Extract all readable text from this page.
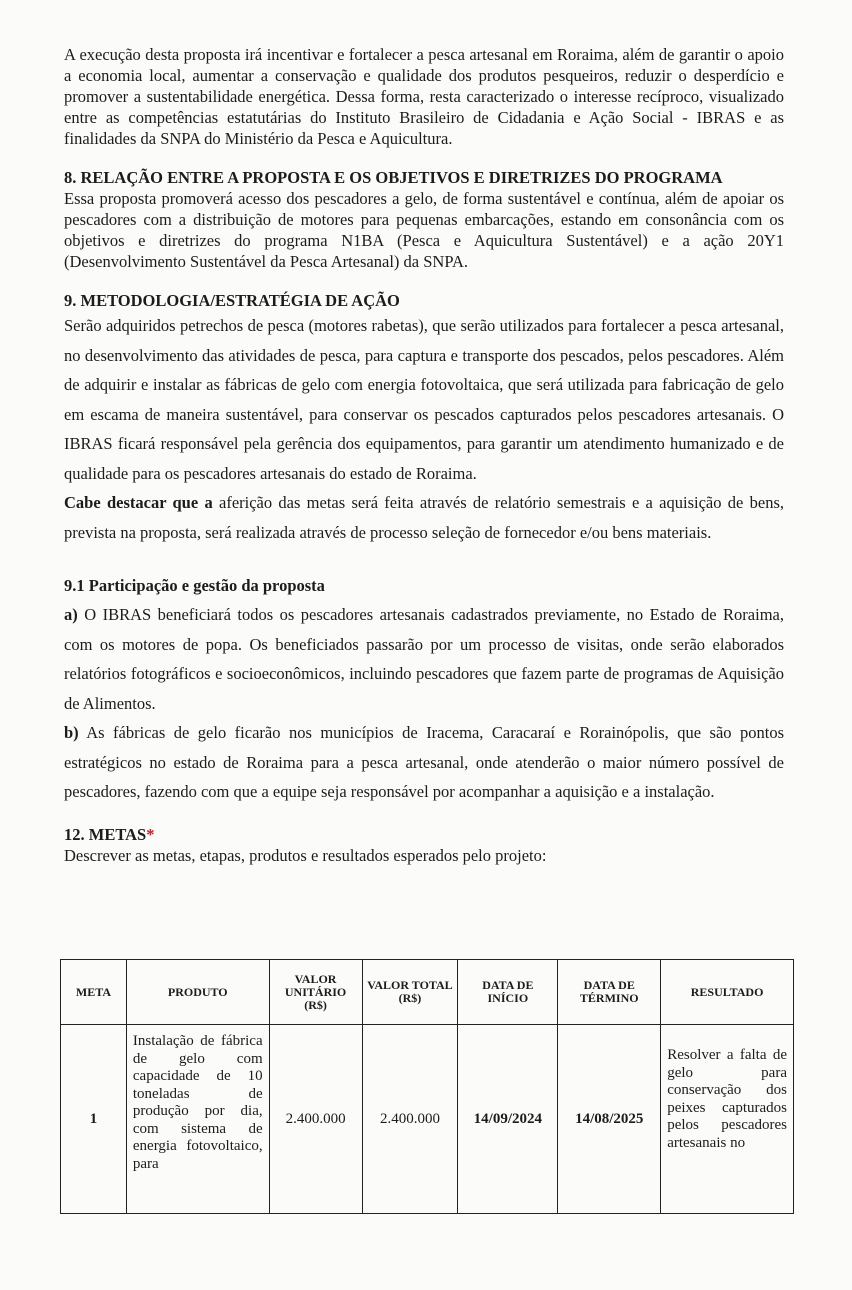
A execução desta proposta irá incentivar e fortalecer a pesca artesanal em Roraima, além de garantir o apoio a economia local, aumentar a conservação e qualidade dos produtos pesqueiros, reduzir o desperdício e promover a sustentabilidade energética. Dessa forma, resta caracterizado o interesse recíproco, visualizado entre as competências estatutárias do Instituto Brasileiro de Cidadania e Ação Social - IBRAS e as finalidades da SNPA do Ministério da Pesca e Aquicultura.

8. RELAÇÃO ENTRE A PROPOSTA E OS OBJETIVOS E DIRETRIZES DO PROGRAMA

Essa proposta promoverá acesso dos pescadores a gelo, de forma sustentável e contínua, além de apoiar os pescadores com a distribuição de motores para pequenas embarcações, estando em consonância com os objetivos e diretrizes do programa N1BA (Pesca e Aquicultura Sustentável) e a ação 20Y1 (Desenvolvimento Sustentável da Pesca Artesanal) da SNPA.

9. METODOLOGIA/ESTRATÉGIA DE AÇÃO

Serão adquiridos petrechos de pesca (motores rabetas), que serão utilizados para fortalecer a pesca artesanal, no desenvolvimento das atividades de pesca, para captura e transporte dos pescados, pelos pescadores. Além de adquirir e instalar as fábricas de gelo com energia fotovoltaica, que será utilizada para fabricação de gelo em escama de maneira sustentável, para conservar os pescados capturados pelos pescadores artesanais. O IBRAS ficará responsável pela gerência dos equipamentos, para garantir um atendimento humanizado e de qualidade para os pescadores artesanais do estado de Roraima.

Cabe destacar que a aferição das metas será feita através de relatório semestrais e a aquisição de bens, prevista na proposta, será realizada através de processo seleção de fornecedor e/ou bens materiais.

9.1 Participação e gestão da proposta

a) O IBRAS beneficiará todos os pescadores artesanais cadastrados previamente, no Estado de Roraima, com os motores de popa. Os beneficiados passarão por um processo de visitas, onde serão elaborados relatórios fotográficos e socioeconômicos, incluindo pescadores que fazem parte de programas de Aquisição de Alimentos.

b) As fábricas de gelo ficarão nos municípios de Iracema, Caracaraí e Rorainópolis, que são pontos estratégicos no estado de Roraima para a pesca artesanal, onde atenderão o maior número possível de pescadores, fazendo com que a equipe seja responsável por acompanhar a aquisição e a instalação.

12. METAS*

Descrever as metas, etapas, produtos e resultados esperados pelo projeto:

META	PRODUTO	VALOR UNITÁRIO (R$)	VALOR TOTAL (R$)	DATA DE INÍCIO	DATA DE TÉRMINO	RESULTADO
1	Instalação de fábrica de gelo com capacidade de 10 toneladas de produção por dia, com sistema de energia fotovoltaico, para	2.400.000	2.400.000	14/09/2024	14/08/2025	Resolver a falta de gelo para conservação dos peixes capturados pelos pescadores artesanais no
